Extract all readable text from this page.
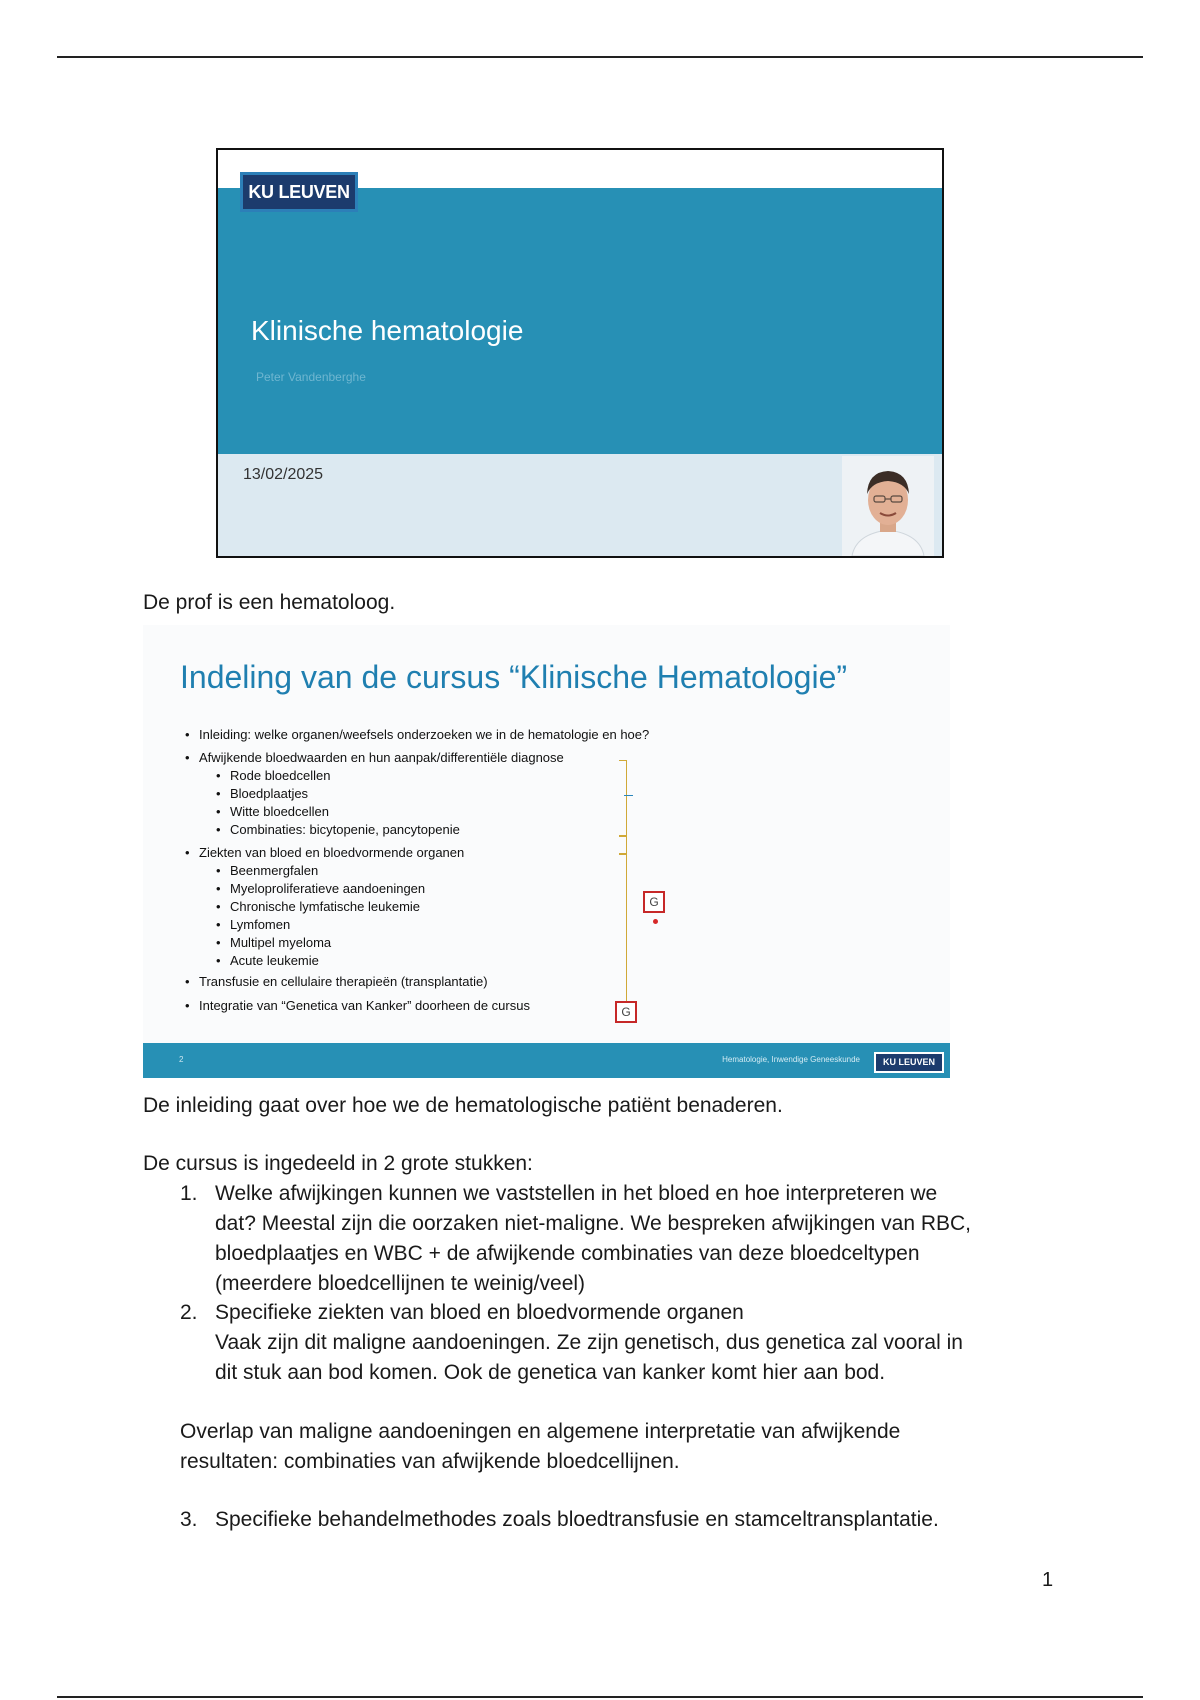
KU LEUVEN
Klinische hematologie
Peter Vandenberghe
13/02/2025
De prof is een hematoloog.
Indeling van de cursus “Klinische Hematologie”
• Inleiding: welke organen/weefsels onderzoeken we in de hematologie en hoe?
• Afwijkende bloedwaarden en hun aanpak/differentiële diagnose
• Rode bloedcellen
• Bloedplaatjes
• Witte bloedcellen
• Combinaties: bicytopenie, pancytopenie
• Ziekten van bloed en bloedvormende organen
• Beenmergfalen
• Myeloproliferatieve aandoeningen
• Chronische lymfatische leukemie
• Lymfomen
• Multipel myeloma
• Acute leukemie
• Transfusie en cellulaire therapieën (transplantatie)
• Integratie van “Genetica van Kanker” doorheen de cursus
G
G
2	Hematologie, Inwendige Geneeskunde	KU LEUVEN
De inleiding gaat over hoe we de hematologische patiënt benaderen.
De cursus is ingedeeld in 2 grote stukken:
1. Welke afwijkingen kunnen we vaststellen in het bloed en hoe interpreteren we
dat? Meestal zijn die oorzaken niet-maligne. We bespreken afwijkingen van RBC,
bloedplaatjes en WBC + de afwijkende combinaties van deze bloedceltypen
(meerdere bloedcellijnen te weinig/veel)
2. Specifieke ziekten van bloed en bloedvormende organen
Vaak zijn dit maligne aandoeningen. Ze zijn genetisch, dus genetica zal vooral in
dit stuk aan bod komen. Ook de genetica van kanker komt hier aan bod.
Overlap van maligne aandoeningen en algemene interpretatie van afwijkende
resultaten: combinaties van afwijkende bloedcellijnen.
3. Specifieke behandelmethodes zoals bloedtransfusie en stamceltransplantatie.
1
